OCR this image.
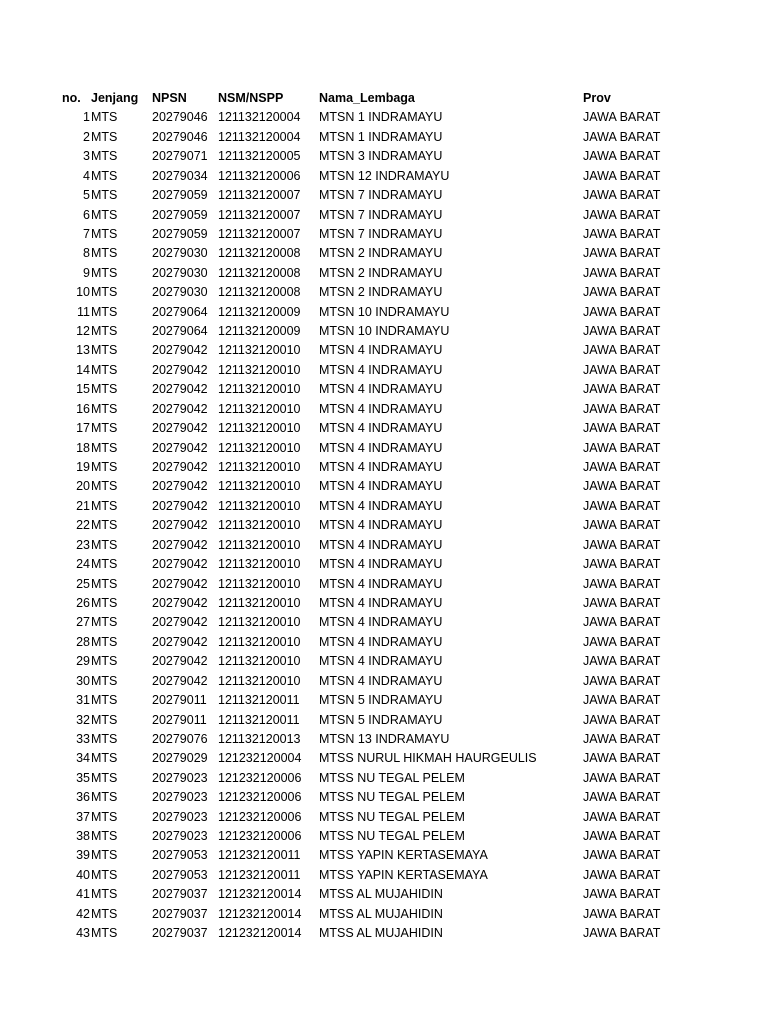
no. Jenjang NPSN	NSM/NSPP	Nama_Lembaga	Prov
1 MTS	20279046 121132120004 MTSN 1 INDRAMAYU	JAWA BARAT
2 MTS	20279046 121132120004 MTSN 1 INDRAMAYU	JAWA BARAT
3 MTS	20279071 121132120005 MTSN 3 INDRAMAYU	JAWA BARAT
4 MTS	20279034 121132120006 MTSN 12 INDRAMAYU	JAWA BARAT
5 MTS	20279059 121132120007 MTSN 7 INDRAMAYU	JAWA BARAT
6 MTS	20279059 121132120007 MTSN 7 INDRAMAYU	JAWA BARAT
7 MTS	20279059 121132120007 MTSN 7 INDRAMAYU	JAWA BARAT
8 MTS	20279030 121132120008 MTSN 2 INDRAMAYU	JAWA BARAT
9 MTS	20279030 121132120008 MTSN 2 INDRAMAYU	JAWA BARAT
10 MTS	20279030 121132120008 MTSN 2 INDRAMAYU	JAWA BARAT
11 MTS	20279064 121132120009 MTSN 10 INDRAMAYU	JAWA BARAT
12 MTS	20279064 121132120009 MTSN 10 INDRAMAYU	JAWA BARAT
13 MTS	20279042 121132120010 MTSN 4 INDRAMAYU	JAWA BARAT
14 MTS	20279042 121132120010 MTSN 4 INDRAMAYU	JAWA BARAT
15 MTS	20279042 121132120010 MTSN 4 INDRAMAYU	JAWA BARAT
16 MTS	20279042 121132120010 MTSN 4 INDRAMAYU	JAWA BARAT
17 MTS	20279042 121132120010 MTSN 4 INDRAMAYU	JAWA BARAT
18 MTS	20279042 121132120010 MTSN 4 INDRAMAYU	JAWA BARAT
19 MTS	20279042 121132120010 MTSN 4 INDRAMAYU	JAWA BARAT
20 MTS	20279042 121132120010 MTSN 4 INDRAMAYU	JAWA BARAT
21 MTS	20279042 121132120010 MTSN 4 INDRAMAYU	JAWA BARAT
22 MTS	20279042 121132120010 MTSN 4 INDRAMAYU	JAWA BARAT
23 MTS	20279042 121132120010 MTSN 4 INDRAMAYU	JAWA BARAT
24 MTS	20279042 121132120010 MTSN 4 INDRAMAYU	JAWA BARAT
25 MTS	20279042 121132120010 MTSN 4 INDRAMAYU	JAWA BARAT
26 MTS	20279042 121132120010 MTSN 4 INDRAMAYU	JAWA BARAT
27 MTS	20279042 121132120010 MTSN 4 INDRAMAYU	JAWA BARAT
28 MTS	20279042 121132120010 MTSN 4 INDRAMAYU	JAWA BARAT
29 MTS	20279042 121132120010 MTSN 4 INDRAMAYU	JAWA BARAT
30 MTS	20279042 121132120010 MTSN 4 INDRAMAYU	JAWA BARAT
31 MTS	20279011 121132120011 MTSN 5 INDRAMAYU	JAWA BARAT
32 MTS	20279011 121132120011 MTSN 5 INDRAMAYU	JAWA BARAT
33 MTS	20279076 121132120013 MTSN 13 INDRAMAYU	JAWA BARAT
34 MTS	20279029 121232120004 MTSS NURUL HIKMAH HAURGEULIS	JAWA BARAT
35 MTS	20279023 121232120006 MTSS NU TEGAL PELEM	JAWA BARAT
36 MTS	20279023 121232120006 MTSS NU TEGAL PELEM	JAWA BARAT
37 MTS	20279023 121232120006 MTSS NU TEGAL PELEM	JAWA BARAT
38 MTS	20279023 121232120006 MTSS NU TEGAL PELEM	JAWA BARAT
39 MTS	20279053 121232120011 MTSS YAPIN KERTASEMAYA	JAWA BARAT
40 MTS	20279053 121232120011 MTSS YAPIN KERTASEMAYA	JAWA BARAT
41 MTS	20279037 121232120014 MTSS AL MUJAHIDIN	JAWA BARAT
42 MTS	20279037 121232120014 MTSS AL MUJAHIDIN	JAWA BARAT
43 MTS	20279037 121232120014 MTSS AL MUJAHIDIN	JAWA BARAT
